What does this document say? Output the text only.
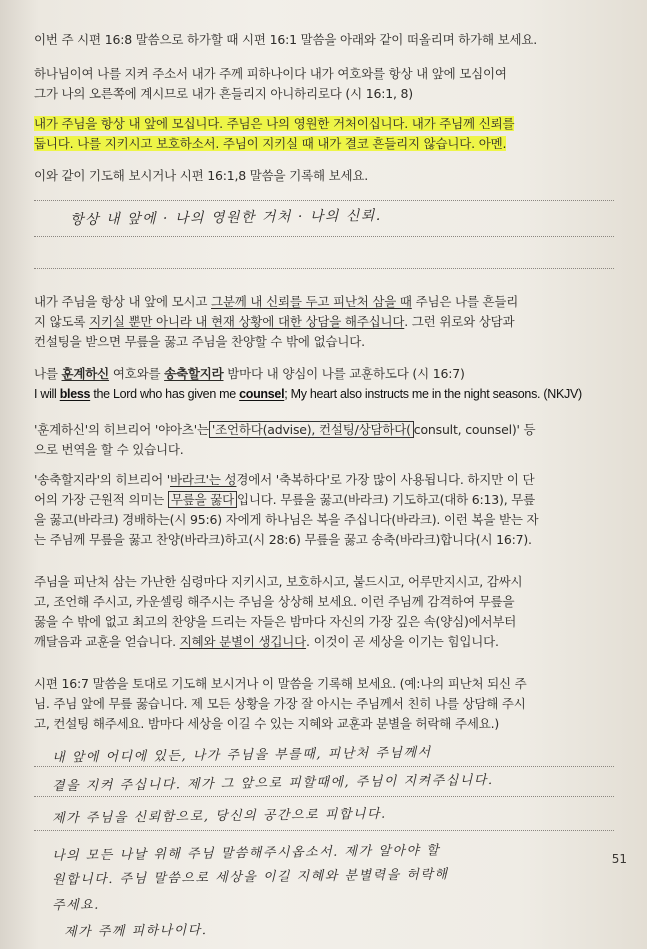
이번 주 시편 16:8 말씀으로 하가할 때 시편 16:1 말씀을 아래와 같이 떠올리며 하가해 보세요.
하나님이여 나를 지켜 주소서 내가 주께 피하나이다 내가 여호와를 항상 내 앞에 모심이여
그가 나의 오른쪽에 계시므로 내가 흔들리지 아니하리로다 (시 16:1, 8)
내가 주님을 항상 내 앞에 모십니다. 주님은 나의 영원한 거처이십니다. 내가 주님께 신뢰를
둡니다. 나를 지키시고 보호하소서. 주님이 지키실 때 내가 결코 흔들리지 않습니다. 아멘.
이와 같이 기도해 보시거나 시편 16:1,8 말씀을 기록해 보세요.
항상 내 앞에 · 나의 영원한 거처 · 나의 신뢰.
내가 주님을 항상 내 앞에 모시고 그분께 내 신뢰를 두고 피난처 삼을 때 주님은 나를 흔들리
지 않도록 지키실 뿐만 아니라 내 현재 상황에 대한 상담을 해주십니다. 그런 위로와 상담과
컨설팅을 받으면 무릎을 꿇고 주님을 찬양할 수 밖에 없습니다.
나를 훈계하신 여호와를 송축할지라 밤마다 내 양심이 나를 교훈하도다 (시 16:7)
I will bless the Lord who has given me counsel; My heart also instructs me in the night seasons. (NKJV)
'훈계하신'의 히브리어 '야아츠'는 '조언하다(advise), 컨설팅/상담하다( consult, counsel)' 등
으로 번역을 할 수 있습니다.
'송축할지라'의 히브리어 '바라크'는 성경에서 '축복하다'로 가장 많이 사용됩니다. 하지만 이 단
어의 가장 근원적 의미는 무릎을 꿇다 입니다. 무릎을 꿇고(바라크) 기도하고(대하 6:13), 무릎
을 꿇고(바라크) 경배하는(시 95:6) 자에게 하나님은 복을 주십니다(바라크). 이런 복을 받는 자
는 주님께 무릎을 꿇고 찬양(바라크)하고(시 28:6) 무릎을 꿇고 송축(바라크)합니다(시 16:7).
주님을 피난처 삼는 가난한 심령마다 지키시고, 보호하시고, 붙드시고, 어루만지시고, 감싸시
고, 조언해 주시고, 카운셀링 해주시는 주님을 상상해 보세요. 이런 주님께 감격하여 무릎을
꿇을 수 밖에 없고 최고의 찬양을 드리는 자들은 밤마다 자신의 가장 깊은 속(양심)에서부터
깨달음과 교훈을 얻습니다. 지혜와 분별이 생깁니다. 이것이 곧 세상을 이기는 힘입니다.
시편 16:7 말씀을 토대로 기도해 보시거나 이 말씀을 기록해 보세요. (예:나의 피난처 되신 주
님. 주님 앞에 무릎 꿇습니다. 제 모든 상황을 가장 잘 아시는 주님께서 친히 나를 상담해 주시
고, 컨설팅 해주세요. 밤마다 세상을 이길 수 있는 지혜와 교훈과 분별을 허락해 주세요.)
내 앞에 어디에 있든, 나가 주님을 부를때, 피난처 주님께서
곁을 지켜 주십니다. 제가 그 앞으로 피할때에, 주님이 지켜주십니다.
제가 주님을 신뢰함으로, 당신의 공간으로 피합니다.
나의 모든 나날 위해 주님 말씀해주시옵소서. 제가 알아야 할
원합니다. 주님 말씀으로 세상을 이길 지혜와 분별력을 허락해
주세요.
제가 주께 피하나이다.
51
